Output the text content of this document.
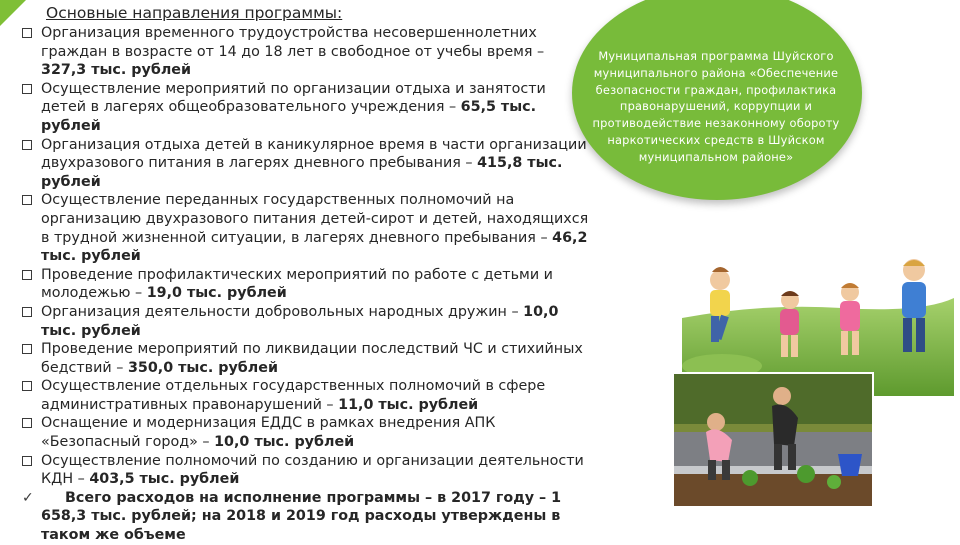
Основные направления программы:
Организация временного трудоустройства несовершеннолетних граждан в возрасте от 14 до 18 лет в свободное от учебы время – 327,3 тыс. рублей
Осуществление мероприятий по организации отдыха и занятости детей в лагерях общеобразовательного учреждения – 65,5 тыс. рублей
Организация отдыха детей в каникулярное время в части организации двухразового питания в лагерях дневного пребывания – 415,8 тыс. рублей
Осуществление переданных государственных полномочий на организацию двухразового питания детей-сирот и детей, находящихся в трудной жизненной ситуации, в лагерях дневного пребывания – 46,2 тыс. рублей
Проведение профилактических мероприятий по работе с детьми и молодежью – 19,0 тыс. рублей
Организация деятельности добровольных народных дружин – 10,0 тыс. рублей
Проведение мероприятий по ликвидации последствий ЧС и стихийных бедствий – 350,0 тыс. рублей
Осуществление отдельных государственных полномочий в сфере административных правонарушений – 11,0 тыс. рублей
Оснащение и модернизация ЕДДС в рамках внедрения АПК «Безопасный город» – 10,0 тыс. рублей
Осуществление полномочий по созданию и организации деятельности КДН – 403,5 тыс. рублей
✓ Всего расходов на исполнение программы – в 2017 году – 1 658,3 тыс. рублей; на 2018 и 2019 год расходы утверждены в таком же объеме
Муниципальная программа Шуйского муниципального района «Обеспечение безопасности граждан, профилактика правонарушений, коррупции и противодействие незаконному обороту наркотических средств в Шуйском муниципальном районе»
